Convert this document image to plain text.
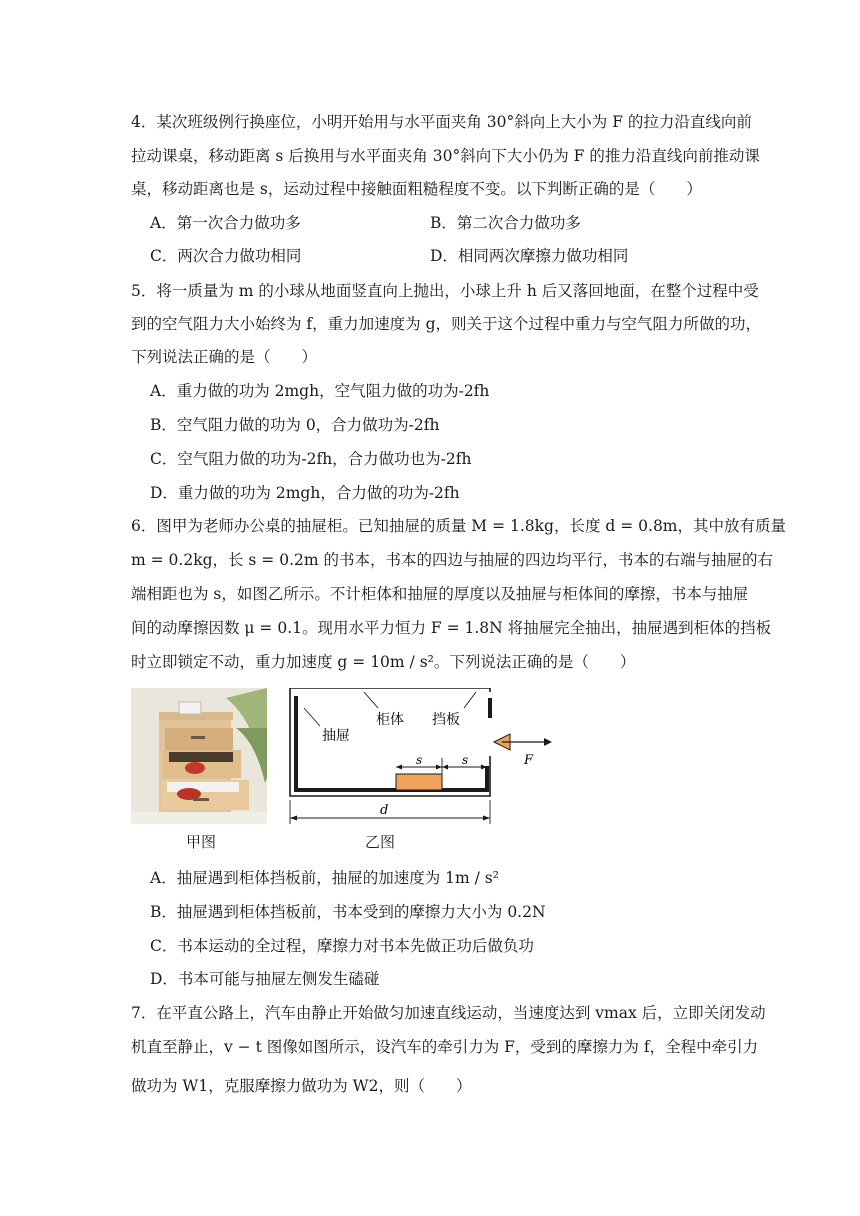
4．某次班级例行换座位，小明开始用与水平面夹角 30°斜向上大小为 F 的拉力沿直线向前
拉动课桌，移动距离 s 后换用与水平面夹角 30°斜向下大小仍为 F 的推力沿直线向前推动课
桌，移动距离也是 s，运动过程中接触面粗糙程度不变。以下判断正确的是（　　）
A．第一次合力做功多	B．第二次合力做功多
C．两次合力做功相同	D．相同两次摩擦力做功相同
5．将一质量为 m 的小球从地面竖直向上抛出，小球上升 h 后又落回地面，在整个过程中受
到的空气阻力大小始终为 f，重力加速度为 g，则关于这个过程中重力与空气阻力所做的功，
下列说法正确的是（　　）
A．重力做的功为 2mgh，空气阻力做的功为-2fh
B．空气阻力做的功为 0，合力做功为-2fh
C．空气阻力做的功为-2fh，合力做功也为-2fh
D．重力做的功为 2mgh，合力做的功为-2fh
6．图甲为老师办公桌的抽屉柜。已知抽屉的质量 M = 1.8kg，长度 d = 0.8m，其中放有质量
m = 0.2kg，长 s = 0.2m 的书本，书本的四边与抽屉的四边均平行，书本的右端与抽屉的右
端相距也为 s，如图乙所示。不计柜体和抽屉的厚度以及抽屉与柜体间的摩擦，书本与抽屉
间的动摩擦因数 μ = 0.1。现用水平力恒力 F = 1.8N 将抽屉完全抽出，抽屉遇到柜体的挡板
时立即锁定不动，重力加速度 g = 10m / s²。下列说法正确的是（　　）
甲图
柜体 挡板
抽屉
s	s
d
F
乙图
A．抽屉遇到柜体挡板前，抽屉的加速度为 1m / s²
B．抽屉遇到柜体挡板前，书本受到的摩擦力大小为 0.2N
C．书本运动的全过程，摩擦力对书本先做正功后做负功
D．书本可能与抽屉左侧发生磕碰
7．在平直公路上，汽车由静止开始做匀加速直线运动，当速度达到 vmax 后，立即关闭发动
机直至静止，v − t 图像如图所示，设汽车的牵引力为 F，受到的摩擦力为 f，全程中牵引力
做功为 W1，克服摩擦力做功为 W2，则（　　）
